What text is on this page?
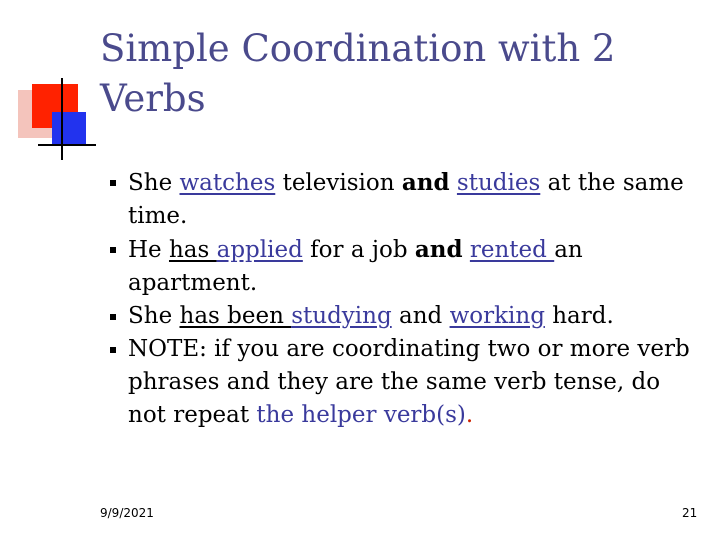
Simple Coordination with 2 Verbs
She watches television and studies at the same time.
He has applied for a job and rented an apartment.
She has been studying and working hard.
NOTE: if you are coordinating two or more verb phrases and they are the same verb tense, do not repeat the helper verb(s).
9/9/2021	21
